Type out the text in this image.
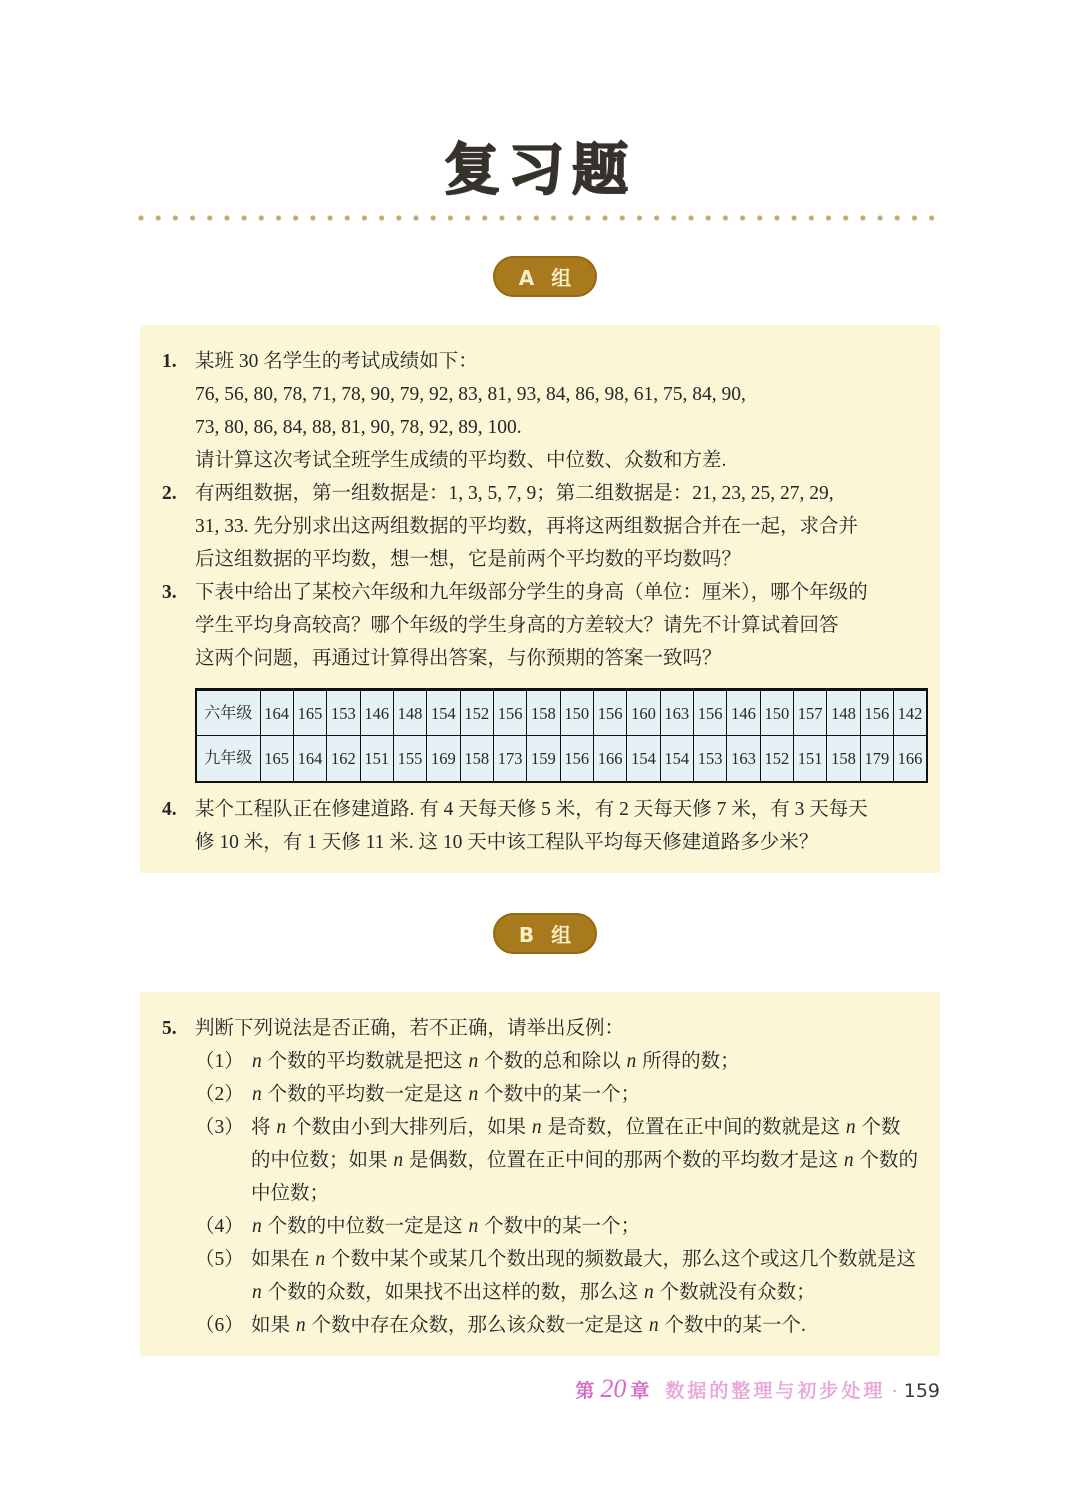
复习题
A 组
1. 某班 30 名学生的考试成绩如下：
76, 56, 80, 78, 71, 78, 90, 79, 92, 83, 81, 93, 84, 86, 98, 61, 75, 84, 90,
73, 80, 86, 84, 88, 81, 90, 78, 92, 89, 100.
请计算这次考试全班学生成绩的平均数、中位数、众数和方差.
2. 有两组数据，第一组数据是：1, 3, 5, 7, 9；第二组数据是：21, 23, 25, 27, 29,
31, 33. 先分别求出这两组数据的平均数，再将这两组数据合并在一起，求合并
后这组数据的平均数，想一想，它是前两个平均数的平均数吗？
3. 下表中给出了某校六年级和九年级部分学生的身高（单位：厘米），哪个年级的
学生平均身高较高？哪个年级的学生身高的方差较大？请先不计算试着回答
这两个问题，再通过计算得出答案，与你预期的答案一致吗？
六年级	164	165	153	146	148	154	152	156	158	150	156	160	163	156	146	150	157	148	156	142
九年级	165	164	162	151	155	169	158	173	159	156	166	154	154	153	163	152	151	158	179	166
4. 某个工程队正在修建道路. 有 4 天每天修 5 米，有 2 天每天修 7 米，有 3 天每天
修 10 米，有 1 天修 11 米. 这 10 天中该工程队平均每天修建道路多少米？
B 组
5. 判断下列说法是否正确，若不正确，请举出反例：
（1） n 个数的平均数就是把这 n 个数的总和除以 n 所得的数；
（2） n 个数的平均数一定是这 n 个数中的某一个；
（3） 将 n 个数由小到大排列后，如果 n 是奇数，位置在正中间的数就是这 n 个数的中位数；如果 n 是偶数，位置在正中间的那两个数的平均数才是这 n 个数的中位数；
（4） n 个数的中位数一定是这 n 个数中的某一个；
（5） 如果在 n 个数中某个或某几个数出现的频数最大，那么这个或这几个数就是这 n 个数的众数，如果找不出这样的数，那么这 n 个数就没有众数；
（6） 如果 n 个数中存在众数，那么该众数一定是这 n 个数中的某一个.
第 20 章 数据的整理与初步处理 · 159
